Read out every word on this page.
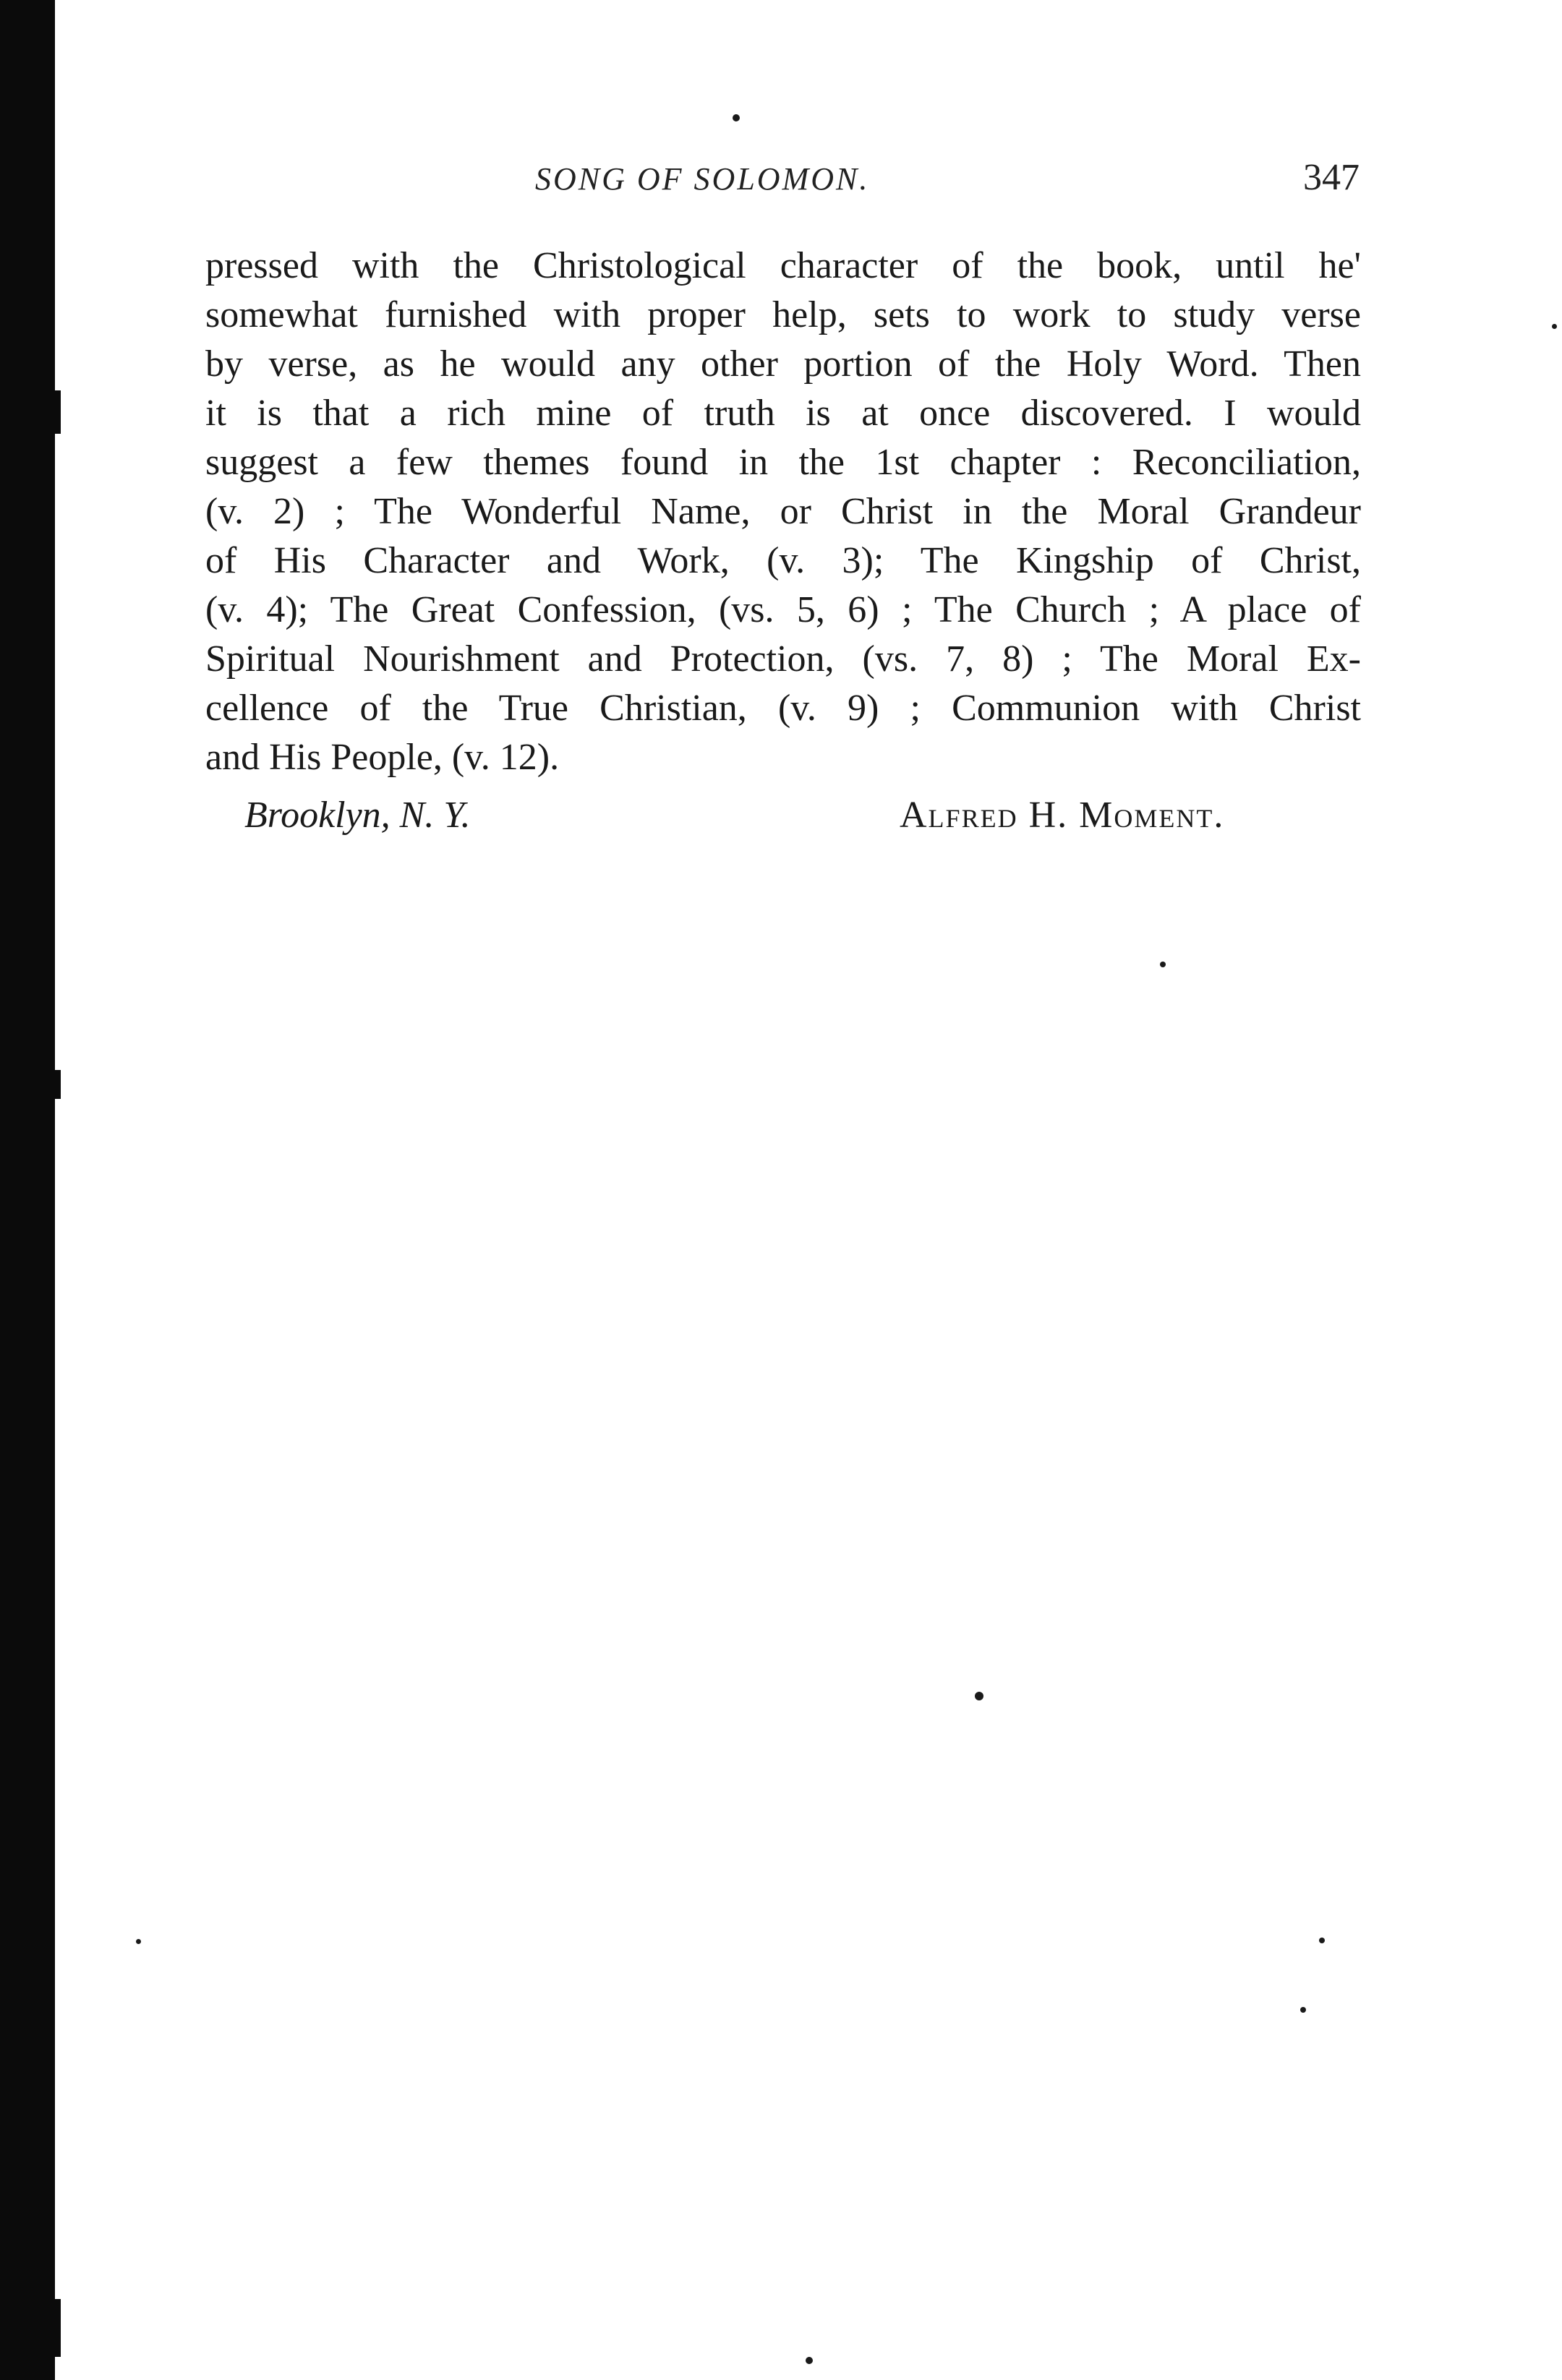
SONG OF SOLOMON.	347
pressed with the Christological character of the book, until he'
somewhat furnished with proper help, sets to work to study verse
by verse, as he would any other portion of the Holy Word. Then
it is that a rich mine of truth is at once discovered. I would
suggest a few themes found in the 1st chapter : Reconciliation,
(v. 2) ; The Wonderful Name, or Christ in the Moral Grandeur
of His Character and Work, (v. 3); The Kingship of Christ,
(v. 4); The Great Confession, (vs. 5, 6) ; The Church ; A place of
Spiritual Nourishment and Protection, (vs. 7, 8) ; The Moral Ex-
cellence of the True Christian, (v. 9) ; Communion with Christ
and His People, (v. 12).
Brooklyn, N. Y.	Alfred H. Moment.
